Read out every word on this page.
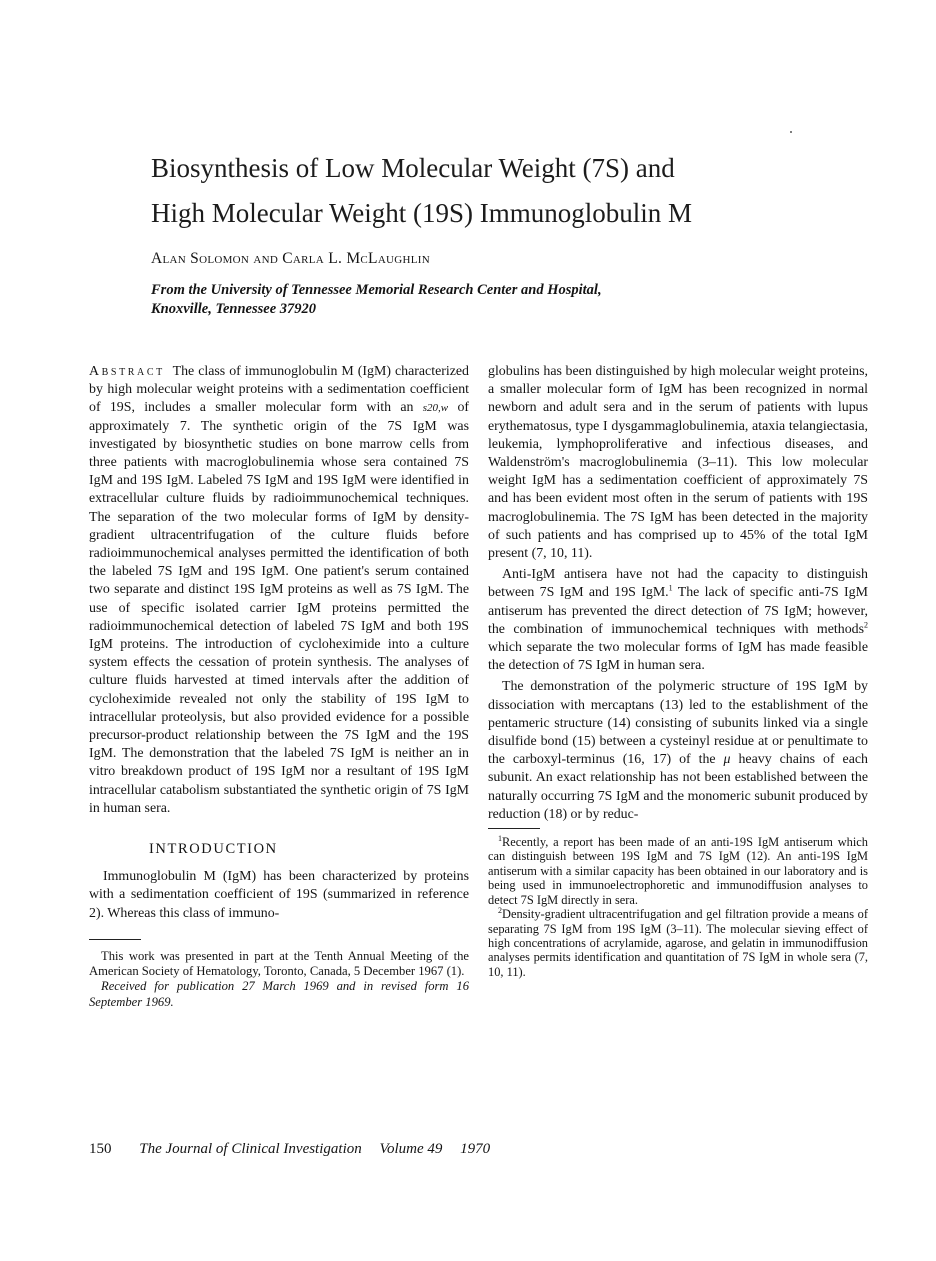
Biosynthesis of Low Molecular Weight (7S) and
High Molecular Weight (19S) Immunoglobulin M
Alan Solomon and Carla L. McLaughlin
From the University of Tennessee Memorial Research Center and Hospital,
Knoxville, Tennessee 37920

Abstract The class of immunoglobulin M (IgM) characterized by high molecular weight proteins with a sedimentation coefficient of 19S, includes a smaller molecular form with an s20,w of approximately 7. The synthetic origin of the 7S IgM was investigated by biosynthetic studies on bone marrow cells from three patients with macroglobulinemia whose sera contained 7S IgM and 19S IgM. Labeled 7S IgM and 19S IgM were identified in extracellular culture fluids by radioimmunochemical techniques. The separation of the two molecular forms of IgM by density-gradient ultracentrifugation of the culture fluids before radioimmunochemical analyses permitted the identification of both the labeled 7S IgM and 19S IgM. One patient's serum contained two separate and distinct 19S IgM proteins as well as 7S IgM. The use of specific isolated carrier IgM proteins permitted the radioimmunochemical detection of labeled 7S IgM and both 19S IgM proteins. The introduction of cycloheximide into a culture system effects the cessation of protein synthesis. The analyses of culture fluids harvested at timed intervals after the addition of cycloheximide revealed not only the stability of 19S IgM to intracellular proteolysis, but also provided evidence for a possible precursor-product relationship between the 7S IgM and the 19S IgM. The demonstration that the labeled 7S IgM is neither an in vitro breakdown product of 19S IgM nor a resultant of 19S IgM intracellular catabolism substantiated the synthetic origin of 7S IgM in human sera.

INTRODUCTION

Immunoglobulin M (IgM) has been characterized by proteins with a sedimentation coefficient of 19S (summarized in reference 2). Whereas this class of immuno-

This work was presented in part at the Tenth Annual Meeting of the American Society of Hematology, Toronto, Canada, 5 December 1967 (1).

Received for publication 27 March 1969 and in revised form 16 September 1969.

globulins has been distinguished by high molecular weight proteins, a smaller molecular form of IgM has been recognized in normal newborn and adult sera and in the serum of patients with lupus erythematosus, type I dysgammaglobulinemia, ataxia telangiectasia, leukemia, lymphoproliferative and infectious diseases, and Waldenström's macroglobulinemia (3–11). This low molecular weight IgM has a sedimentation coefficient of approximately 7S and has been evident most often in the serum of patients with 19S macroglobulinemia. The 7S IgM has been detected in the majority of such patients and has comprised up to 45% of the total IgM present (7, 10, 11).

Anti-IgM antisera have not had the capacity to distinguish between 7S IgM and 19S IgM.$^1$ The lack of specific anti-7S IgM antiserum has prevented the direct detection of 7S IgM; however, the combination of immunochemical techniques with methods$^2$ which separate the two molecular forms of IgM has made feasible the detection of 7S IgM in human sera.

The demonstration of the polymeric structure of 19S IgM by dissociation with mercaptans (13) led to the establishment of the pentameric structure (14) consisting of subunits linked via a single disulfide bond (15) between a cysteinyl residue at or penultimate to the carboxyl-terminus (16, 17) of the μ heavy chains of each subunit. An exact relationship has not been established between the naturally occurring 7S IgM and the monomeric subunit produced by reduction (18) or by reduc-

$^1$Recently, a report has been made of an anti-19S IgM antiserum which can distinguish between 19S IgM and 7S IgM (12). An anti-19S IgM antiserum with a similar capacity has been obtained in our laboratory and is being used in immunoelectrophoretic and immunodiffusion analyses to detect 7S IgM directly in sera.

$^2$Density-gradient ultracentrifugation and gel filtration provide a means of separating 7S IgM from 19S IgM (3–11). The molecular sieving effect of high concentrations of acrylamide, agarose, and gelatin in immunodiffusion analyses permits identification and quantitation of 7S IgM in whole sera (7, 10, 11).

150 The Journal of Clinical Investigation Volume 49 1970
